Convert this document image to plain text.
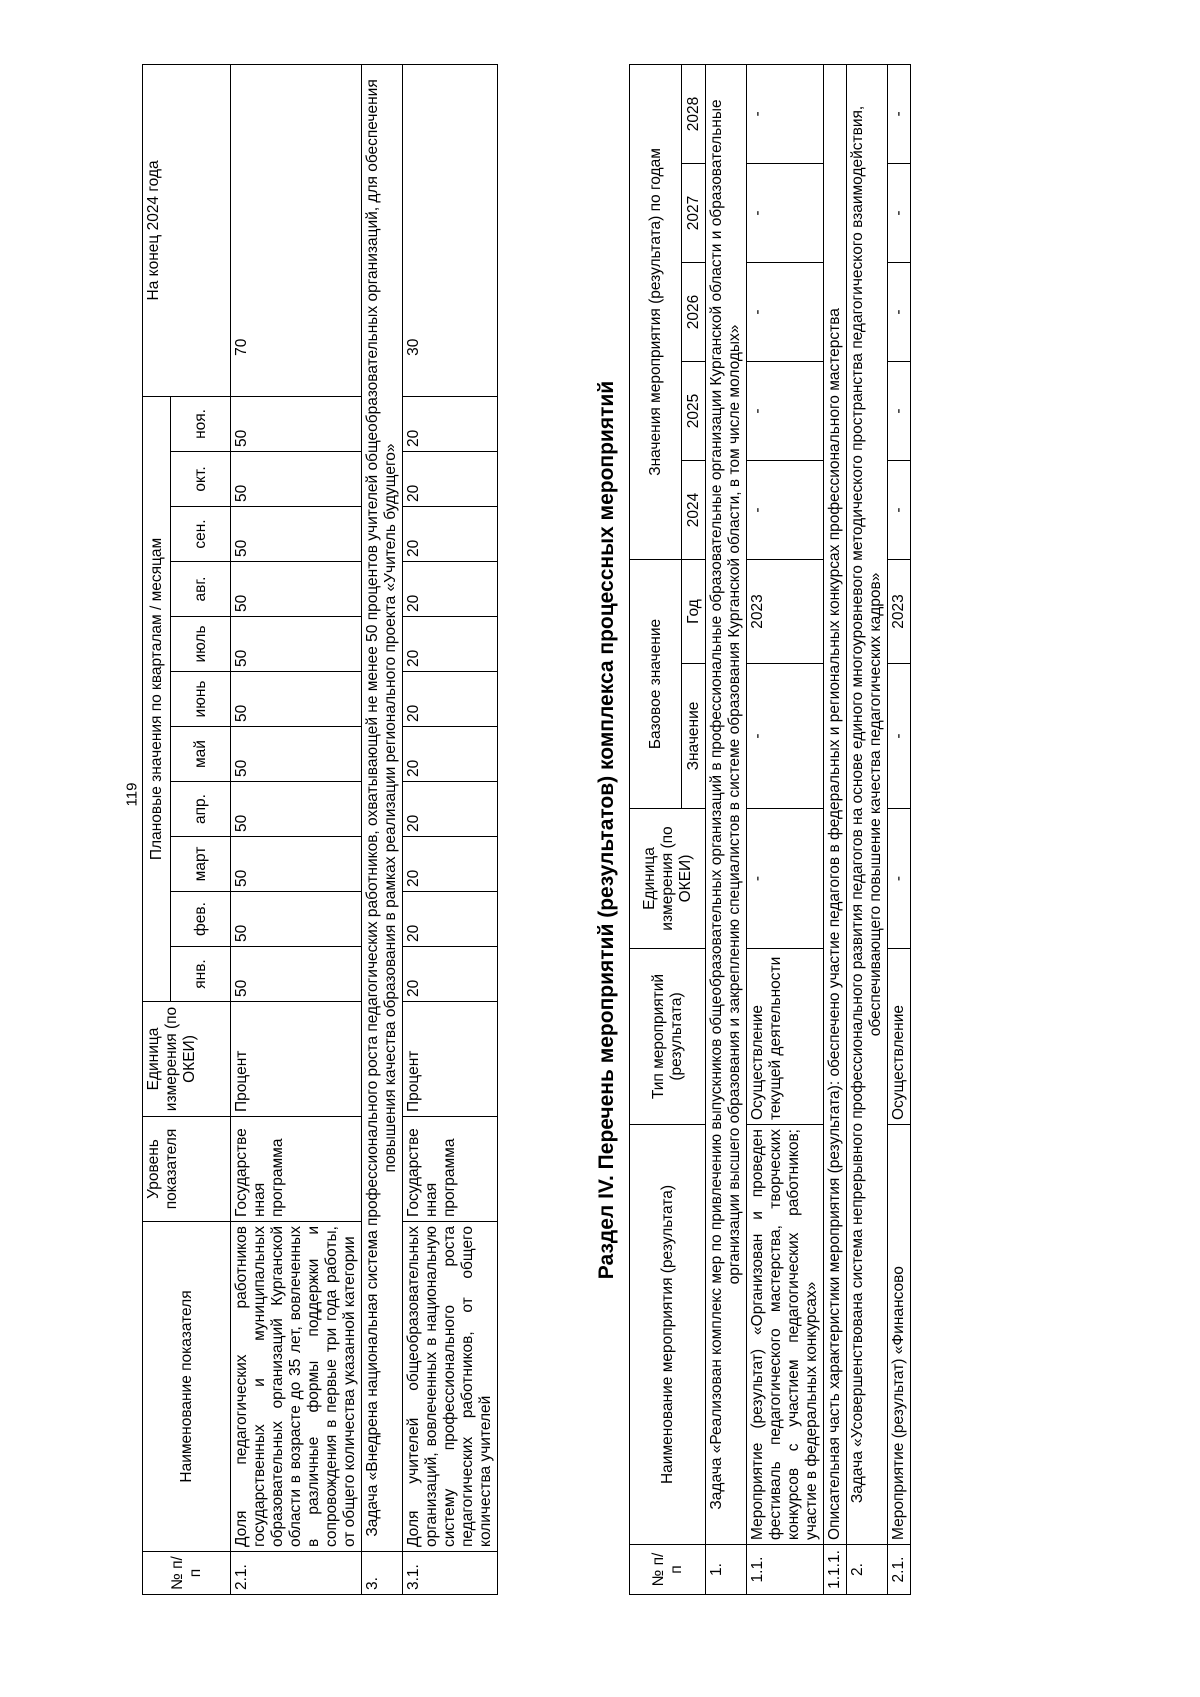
119
№ п/п	Наименование показателя	Уровень показателя	Единица измерения (по ОКЕИ)	Плановые значения по кварталам / месяцам											На конец 2024 года
				янв.	фев.	март	апр.	май	июнь	июль	авг.	сен.	окт.	ноя.	
2.1.	Доля педагогических работников государственных и муниципальных образовательных организаций Курганской области в возрасте до 35 лет, вовлеченных в различные формы поддержки и сопровождения в первые три года работы, от общего количества указанной категории	Государственная программа	Процент	50	50	50	50	50	50	50	50	50	50	50	70
3.	Задача «Внедрена национальная система профессионального роста педагогических работников, охватывающей не менее 50 процентов учителей общеобразовательных организаций, для обеспечения повышения качества образования в рамках реализации регионального проекта «Учитель будущего»														
3.1.	Доля учителей общеобразовательных организаций, вовлеченных в национальную систему профессионального роста педагогических работников, от общего количества учителей	Государственная программа	Процент	20	20	20	20	20	20	20	20	20	20	20	30
Раздел IV. Перечень мероприятий (результатов) комплекса процессных мероприятий
№ п/п	Наименование мероприятия (результата)	Тип мероприятий (результата)	Единица измерения (по ОКЕИ)	Базовое значение		Значения мероприятия (результата) по годам				
				Значение	Год	2024	2025	2026	2027	2028
1.	Задача «Реализован комплекс мер по привлечению выпускников общеобразовательных организаций в профессиональные образовательные организации Курганской области и образовательные организации высшего образования и закреплению специалистов в системе образования Курганской области, в том числе молодых»									
1.1.	Мероприятие (результат) «Организован и проведен фестиваль педагогического мастерства, творческих конкурсов с участием педагогических работников; участие в федеральных конкурсах»	Осуществление текущей деятельности	-	-	2023	-	-	-	-	-
1.1.1.	Описательная часть характеристики мероприятия (результата): обеспечено участие педагогов в федеральных и региональных конкурсах профессионального мастерства									
2.	Задача «Усовершенствована система непрерывного профессионального развития педагогов на основе единого многоуровневого методического пространства педагогического взаимодействия, обеспечивающего повышение качества педагогических кадров»									
2.1.	Мероприятие (результат) «Финансово	Осуществление	-	-	2023	-	-	-	-	-
